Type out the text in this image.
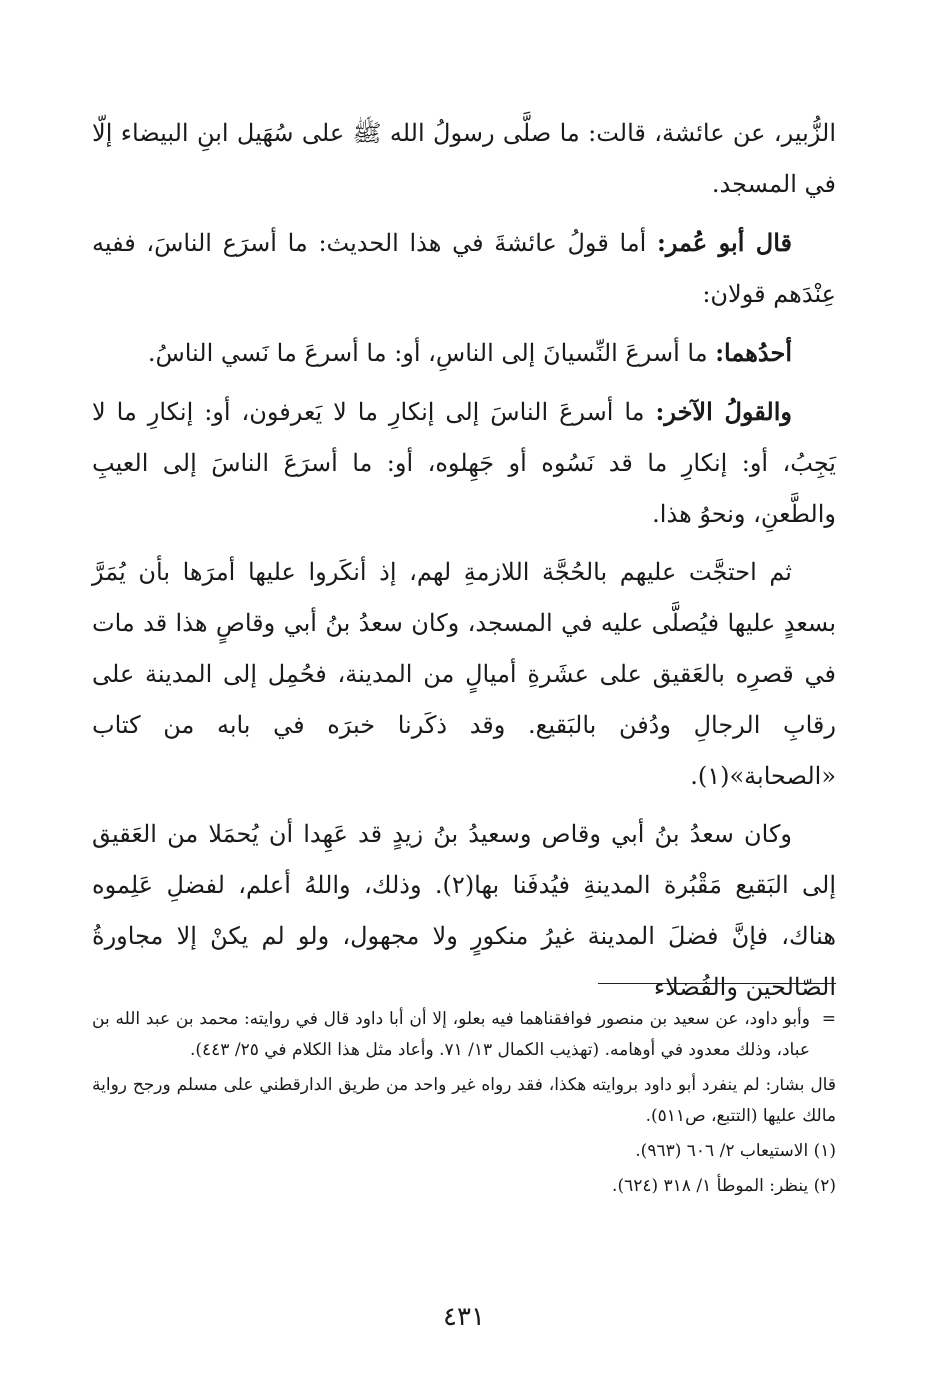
الزُّبير، عن عائشة، قالت: ما صلَّى رسولُ الله ﷺ على سُهَيل ابنِ البيضاء إلّا في المسجد.

قال أبو عُمر: أما قولُ عائشةَ في هذا الحديث: ما أسرَع الناسَ، ففيه عِنْدَهم قولان:

أحدُهما: ما أسرعَ النِّسيانَ إلى الناسِ، أو: ما أسرعَ ما نَسي الناسُ.

والقولُ الآخر: ما أسرعَ الناسَ إلى إنكارِ ما لا يَعرفون، أو: إنكارِ ما لا يَجِبُ، أو: إنكارِ ما قد نَسُوه أو جَهِلوه، أو: ما أسرَعَ الناسَ إلى العيبِ والطَّعنِ، ونحوُ هذا.

ثم احتجَّت عليهم بالحُجَّة اللازمةِ لهم، إذ أنكَروا عليها أمرَها بأن يُمَرَّ بسعدٍ عليها فيُصلَّى عليه في المسجد، وكان سعدُ بنُ أبي وقاصٍ هذا قد مات في قصرِه بالعَقيق على عشَرةِ أميالٍ من المدينة، فحُمِل إلى المدينة على رقابِ الرجالِ ودُفن بالبَقيع. وقد ذكَرنا خبرَه في بابه من كتاب «الصحابة»(١).

وكان سعدُ بنُ أبي وقاص وسعيدُ بنُ زيدٍ قد عَهِدا أن يُحمَلا من العَقيق إلى البَقيع مَقْبُرة المدينةِ فيُدفَنا بها(٢). وذلك، واللهُ أعلم، لفضلِ عَلِموه هناك، فإنَّ فضلَ المدينة غيرُ منكورٍ ولا مجهول، ولو لم يكنْ إلا مجاورةُ الصّالحين والفُضلاء

=
وأبو داود، عن سعيد بن منصور فوافقناهما فيه بعلو، إلا أن أبا داود قال في روايته: محمد بن عبد الله بن عباد، وذلك معدود في أوهامه. (تهذيب الكمال ١٣/ ٧١. وأعاد مثل هذا الكلام في ٢٥/ ٤٤٣).

قال بشار: لم ينفرد أبو داود بروايته هكذا، فقد رواه غير واحد من طريق الدارقطني على مسلم ورجح رواية مالك عليها (التتبع، ص٥١١).

(١) الاستيعاب ٢/ ٦٠٦ (٩٦٣).

(٢) ينظر: الموطأ ١/ ٣١٨ (٦٢٤).

٤٣١
